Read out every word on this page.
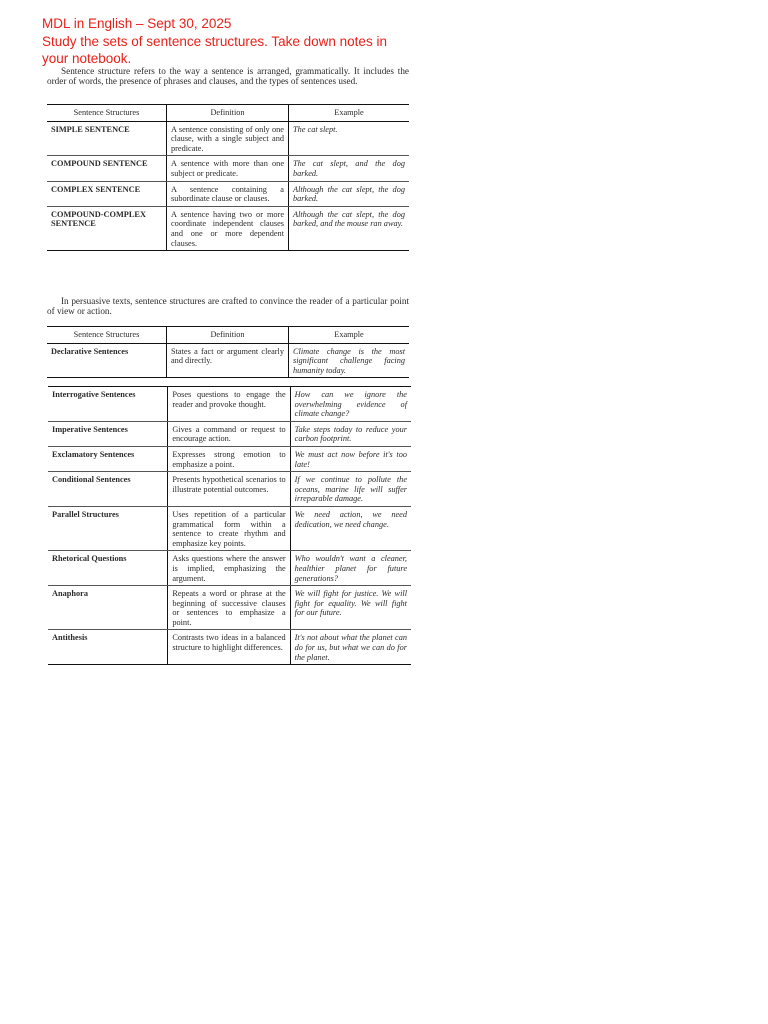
MDL in English – Sept 30, 2025
Study the sets of sentence structures. Take down notes in your notebook.
Sentence structure refers to the way a sentence is arranged, grammatically. It includes the order of words, the presence of phrases and clauses, and the types of sentences used.
Sentence Structures	Definition	Example
SIMPLE SENTENCE	A sentence consisting of only one clause, with a single subject and predicate.	The cat slept.
COMPOUND SENTENCE	A sentence with more than one subject or predicate.	The cat slept, and the dog barked.
COMPLEX SENTENCE	A sentence containing a subordinate clause or clauses.	Although the cat slept, the dog barked.
COMPOUND-COMPLEX SENTENCE	A sentence having two or more coordinate independent clauses and one or more dependent clauses.	Although the cat slept, the dog barked, and the mouse ran away.
In persuasive texts, sentence structures are crafted to convince the reader of a particular point of view or action.
Sentence Structures	Definition	Example
Declarative Sentences	States a fact or argument clearly and directly.	Climate change is the most significant challenge facing humanity today.
Interrogative Sentences	Poses questions to engage the reader and provoke thought.	How can we ignore the overwhelming evidence of climate change?
Imperative Sentences	Gives a command or request to encourage action.	Take steps today to reduce your carbon footprint.
Exclamatory Sentences	Expresses strong emotion to emphasize a point.	We must act now before it's too late!
Conditional Sentences	Presents hypothetical scenarios to illustrate potential outcomes.	If we continue to pollute the oceans, marine life will suffer irreparable damage.
Parallel Structures	Uses repetition of a particular grammatical form within a sentence to create rhythm and emphasize key points.	We need action, we need dedication, we need change.
Rhetorical Questions	Asks questions where the answer is implied, emphasizing the argument.	Who wouldn't want a cleaner, healthier planet for future generations?
Anaphora	Repeats a word or phrase at the beginning of successive clauses or sentences to emphasize a point.	We will fight for justice. We will fight for equality. We will fight for our future.
Antithesis	Contrasts two ideas in a balanced structure to highlight differences.	It's not about what the planet can do for us, but what we can do for the planet.
